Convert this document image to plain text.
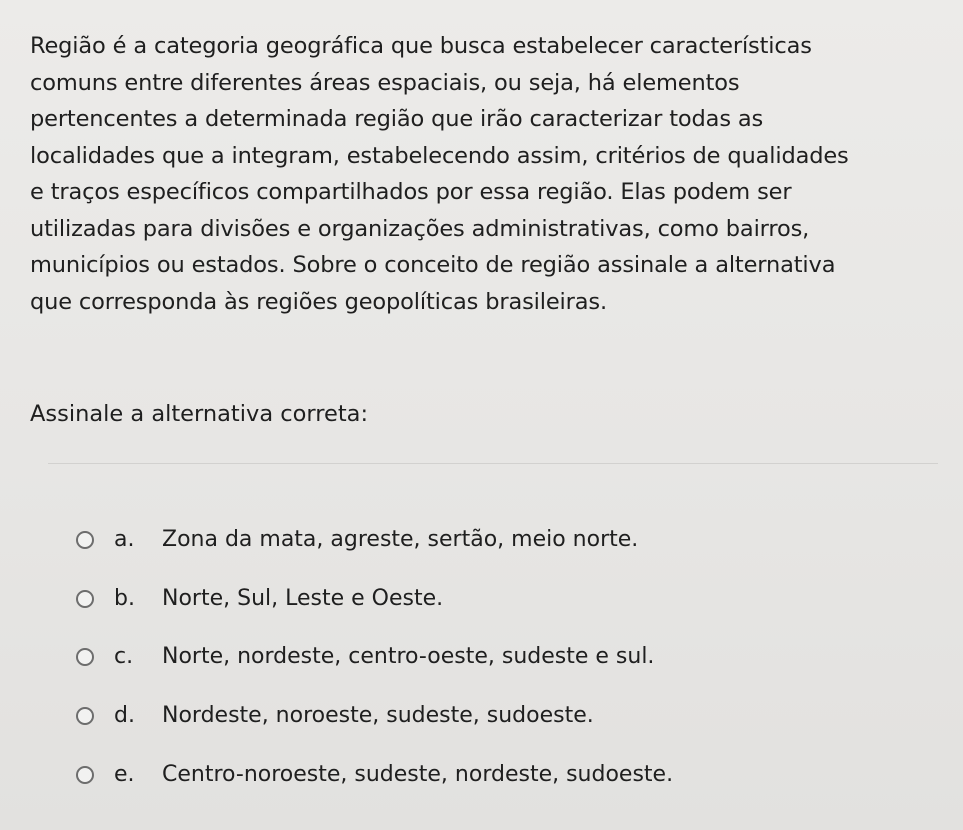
Região é a categoria geográfica que busca estabelecer características
comuns entre diferentes áreas espaciais, ou seja, há elementos
pertencentes a determinada região que irão caracterizar todas as
localidades que a integram, estabelecendo assim, critérios de qualidades
e traços específicos compartilhados por essa região. Elas podem ser
utilizadas para divisões e organizações administrativas, como bairros,
municípios ou estados. Sobre o conceito de região assinale a alternativa
que corresponda às regiões geopolíticas brasileiras.
Assinale a alternativa correta:
a.	Zona da mata, agreste, sertão, meio norte.
b.	Norte, Sul, Leste e Oeste.
c.	Norte, nordeste, centro-oeste, sudeste e sul.
d.	Nordeste, noroeste, sudeste, sudoeste.
e.	Centro-noroeste, sudeste, nordeste, sudoeste.
